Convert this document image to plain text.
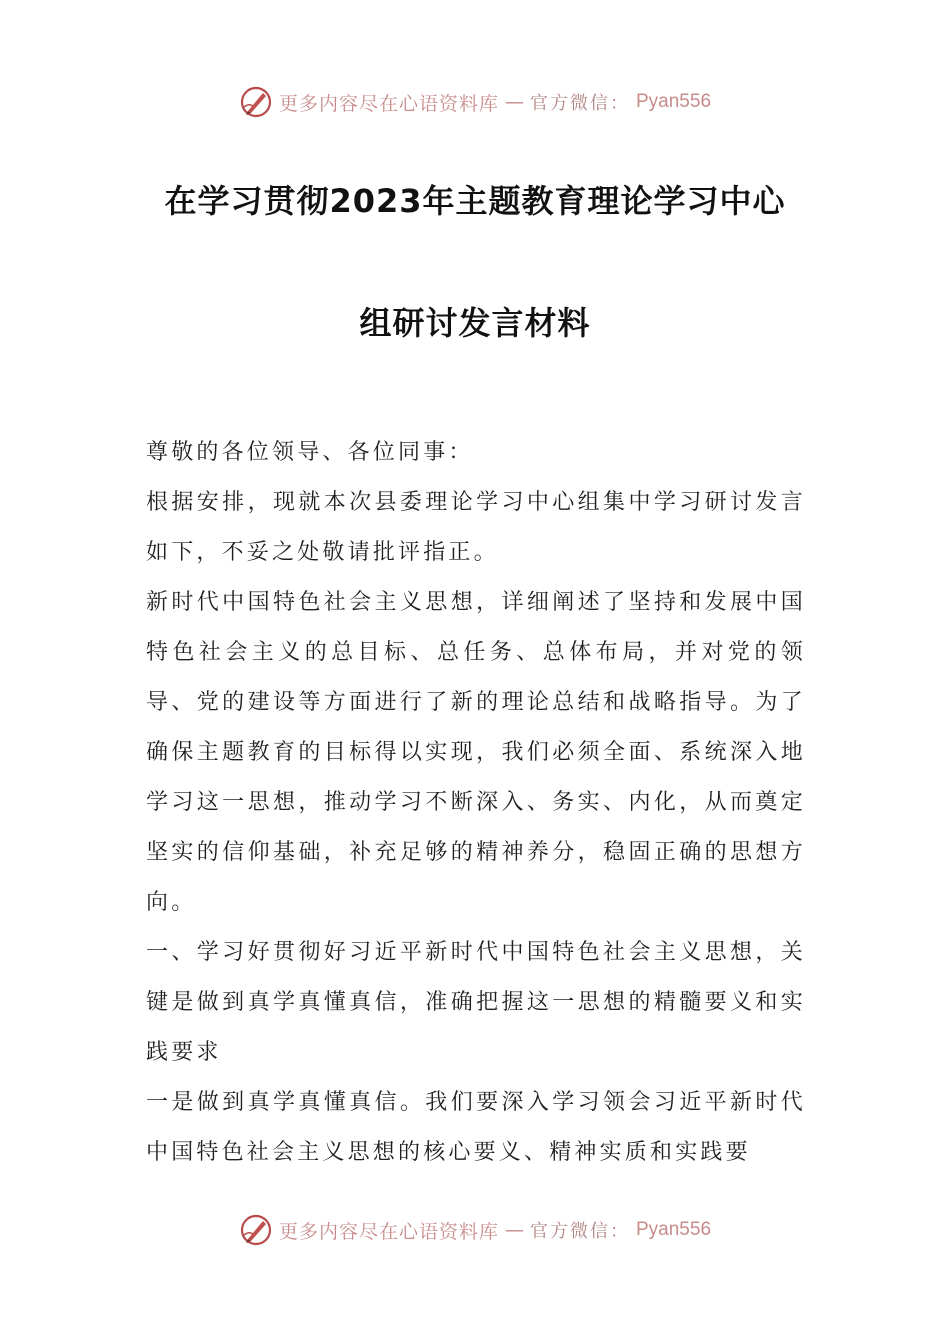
更多内容尽在心语资料库 — 官方微信： Pyan556
在学习贯彻2023年主题教育理论学习中心
组研讨发言材料

尊敬的各位领导、各位同事：

根据安排，现就本次县委理论学习中心组集中学习研讨发言如下，不妥之处敬请批评指正。

新时代中国特色社会主义思想，详细阐述了坚持和发展中国特色社会主义的总目标、总任务、总体布局，并对党的领导、党的建设等方面进行了新的理论总结和战略指导。为了确保主题教育的目标得以实现，我们必须全面、系统深入地学习这一思想，推动学习不断深入、务实、内化，从而奠定坚实的信仰基础，补充足够的精神养分，稳固正确的思想方向。

一、学习好贯彻好习近平新时代中国特色社会主义思想，关键是做到真学真懂真信，准确把握这一思想的精髓要义和实践要求

一是做到真学真懂真信。我们要深入学习领会习近平新时代中国特色社会主义思想的核心要义、精神实质和实践要

更多内容尽在心语资料库 — 官方微信： Pyan556
